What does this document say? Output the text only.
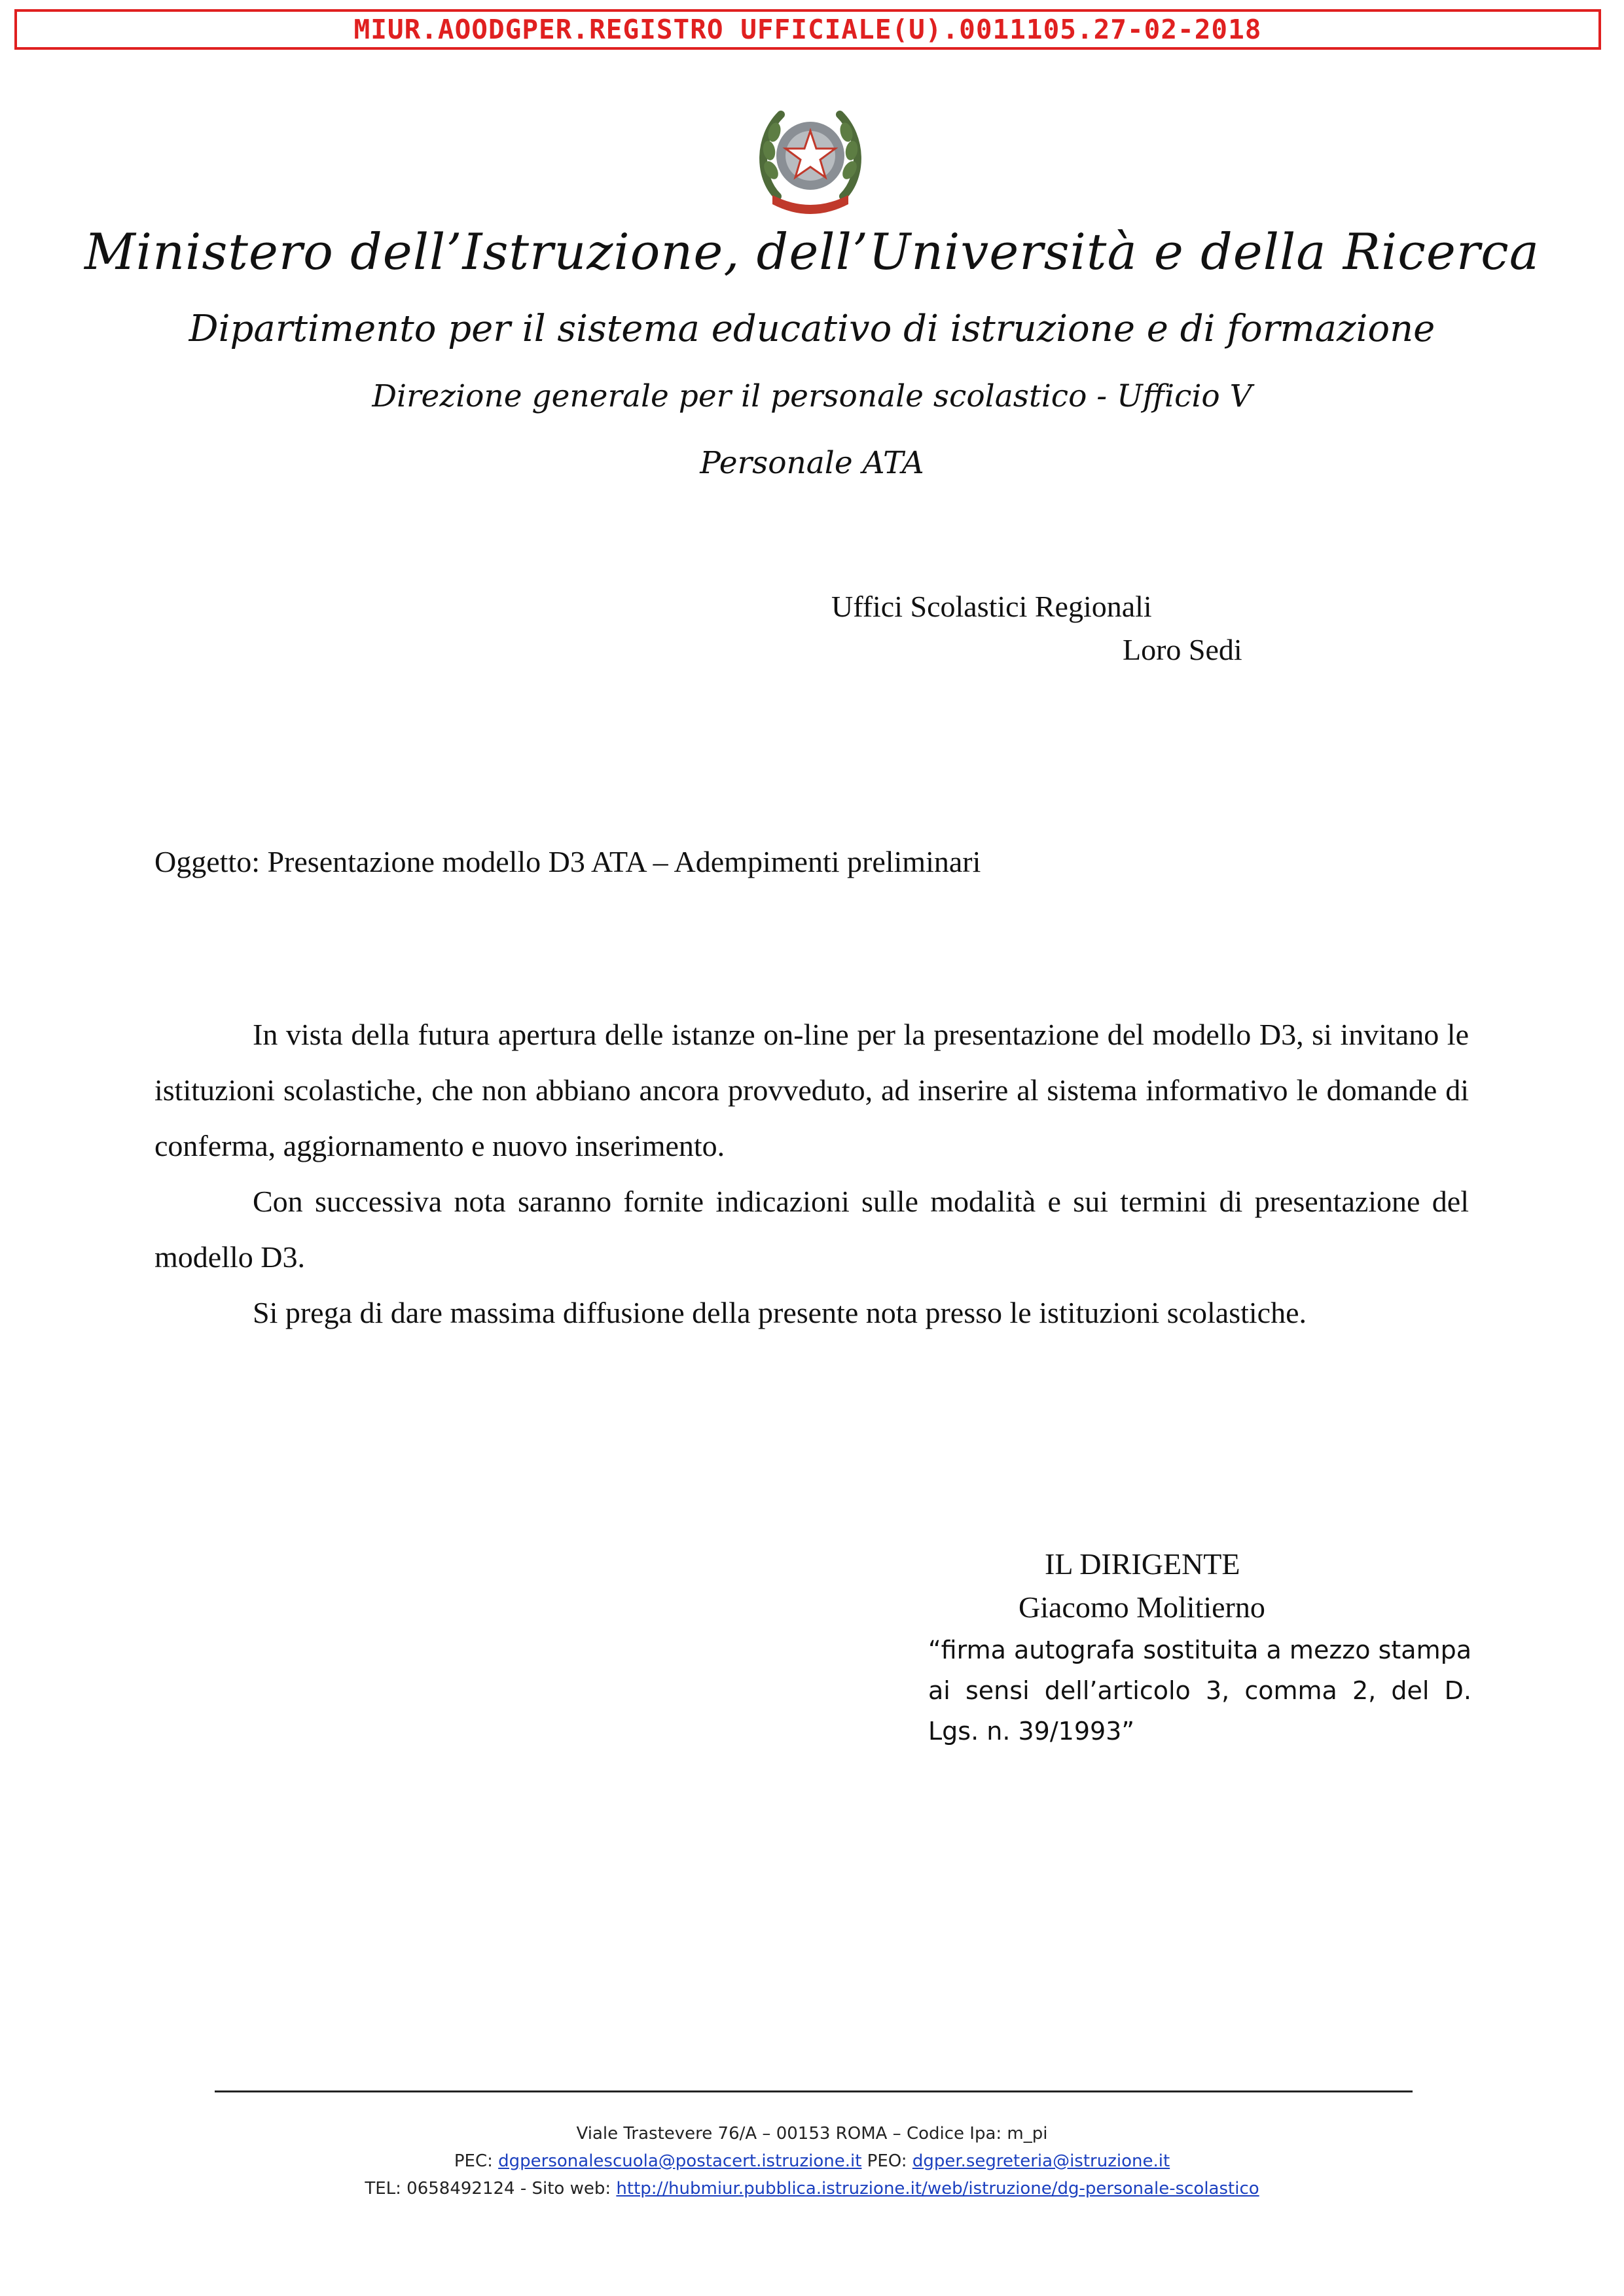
MIUR.AOODGPER.REGISTRO UFFICIALE(U).0011105.27-02-2018
Ministero dell’Istruzione, dell’Università e della Ricerca
Dipartimento per il sistema educativo di istruzione e di formazione
Direzione generale per il personale scolastico - Ufficio V
Personale ATA
Uffici Scolastici Regionali
Loro Sedi
Oggetto: Presentazione modello D3 ATA – Adempimenti preliminari

In vista della futura apertura delle istanze on-line per la presentazione del modello D3, si invitano le istituzioni scolastiche, che non abbiano ancora provveduto, ad inserire al sistema informativo le domande di conferma, aggiornamento e nuovo inserimento.

Con successiva nota saranno fornite indicazioni sulle modalità e sui termini di presentazione del modello D3.

Si prega di dare massima diffusione della presente nota presso le istituzioni scolastiche.

IL DIRIGENTE
Giacomo Molitierno
“firma autografa sostituita a mezzo stampa ai sensi dell’articolo 3, comma 2, del D. Lgs. n. 39/1993”
Viale Trastevere 76/A – 00153 ROMA – Codice Ipa: m_pi
PEC: dgpersonalescuola@postacert.istruzione.it PEO: dgper.segreteria@istruzione.it
TEL: 0658492124 - Sito web: http://hubmiur.pubblica.istruzione.it/web/istruzione/dg-personale-scolastico
